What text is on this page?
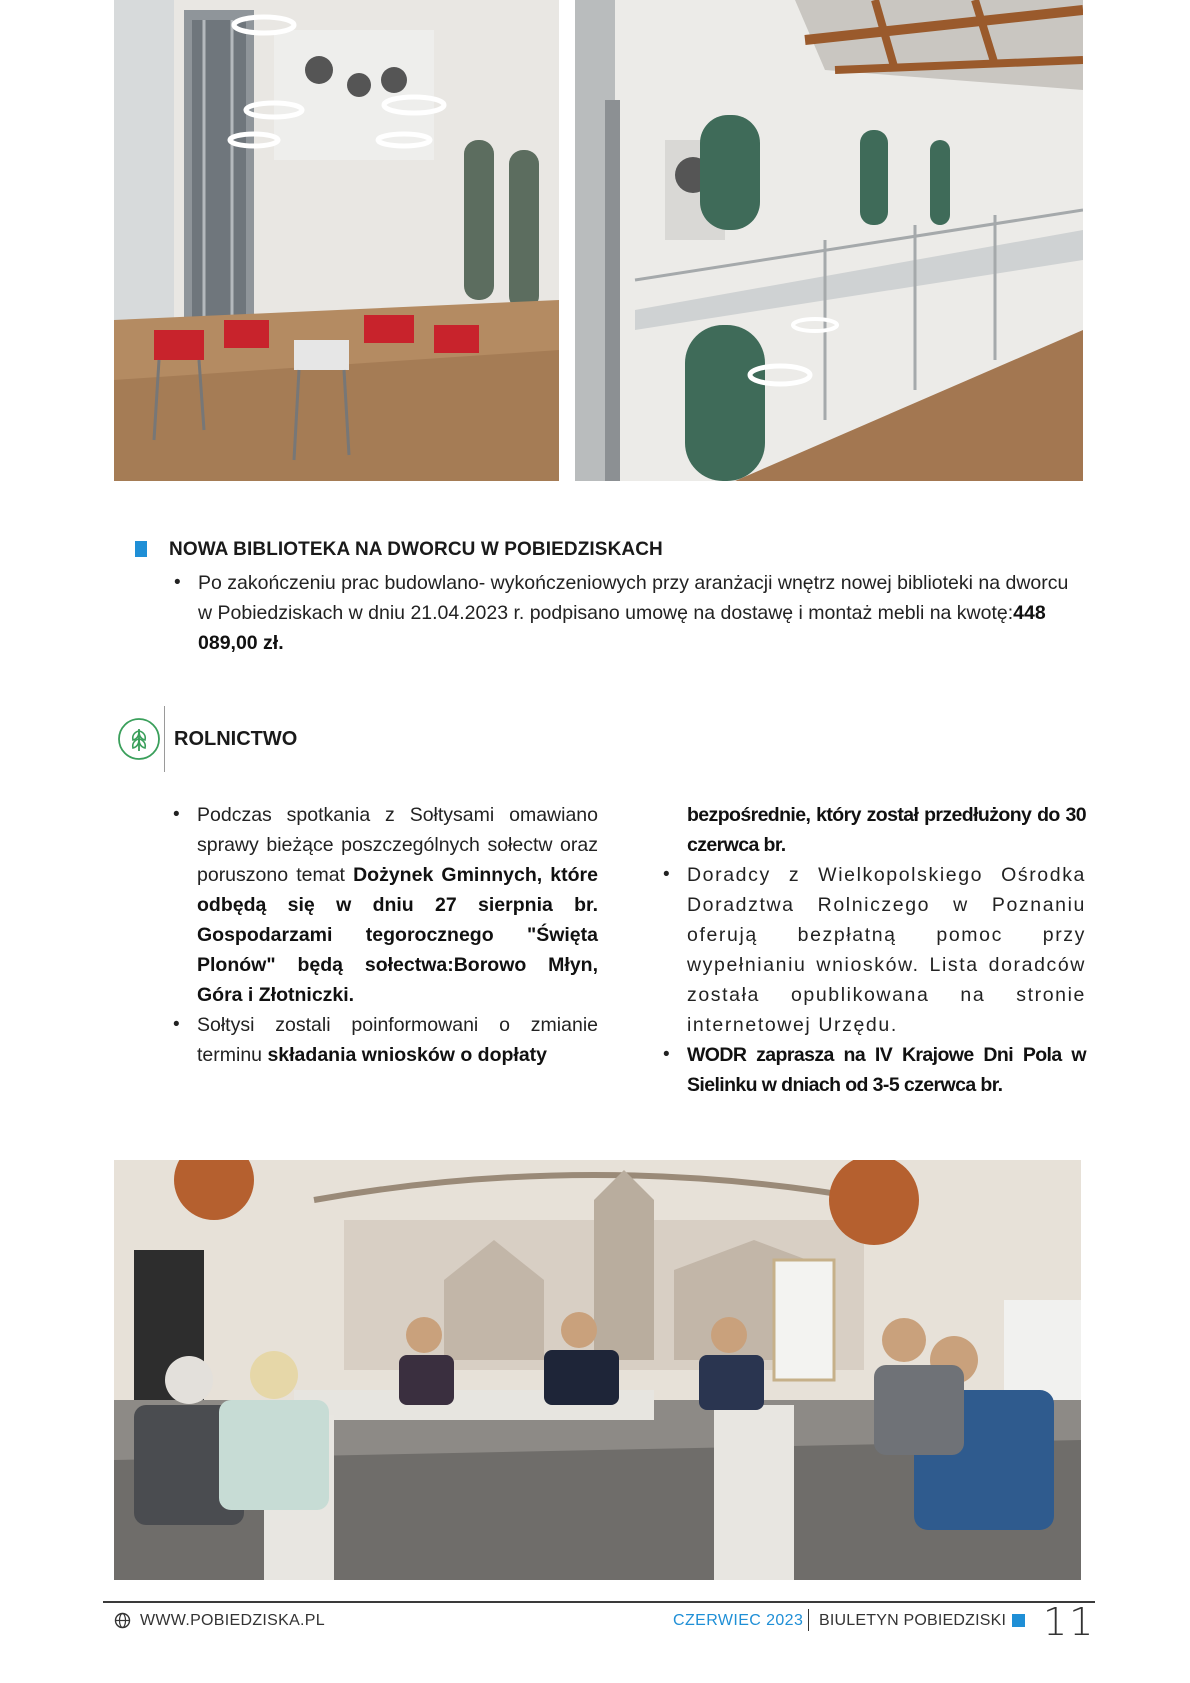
NOWA BIBLIOTEKA NA DWORCU W POBIEDZISKACH
• Po zakończeniu prac budowlano- wykończeniowych przy aranżacji wnętrz nowej biblioteki na dworcu w Pobiedziskach w dniu 21.04.2023 r. podpisano umowę na dostawę i montaż mebli na kwotę:448 089,00 zł.
ROLNICTWO
• Podczas spotkania z Sołtysami omawiano sprawy bieżące poszczególnych sołectw oraz poruszono temat Dożynek Gminnych, które odbędą się w dniu 27 sierpnia br. Gospodarzami tegorocznego "Święta Plonów" będą sołectwa:Borowo Młyn, Góra i Złotniczki.
• Sołtysi zostali poinformowani o zmianie terminu składania wniosków o dopłaty
bezpośrednie, który został przedłużony do 30 czerwca br.
• Doradcy z Wielkopolskiego Ośrodka Doradztwa Rolniczego w Poznaniu oferują bezpłatną pomoc przy wypełnianiu wniosków. Lista doradców została opublikowana na stronie internetowej Urzędu.
• WODR zaprasza na IV Krajowe Dni Pola w Sielinku w dniach od 3-5 czerwca br.
WWW.POBIEDZISKA.PL	CZERWIEC 2023 BIULETYN POBIEDZISKI 11
